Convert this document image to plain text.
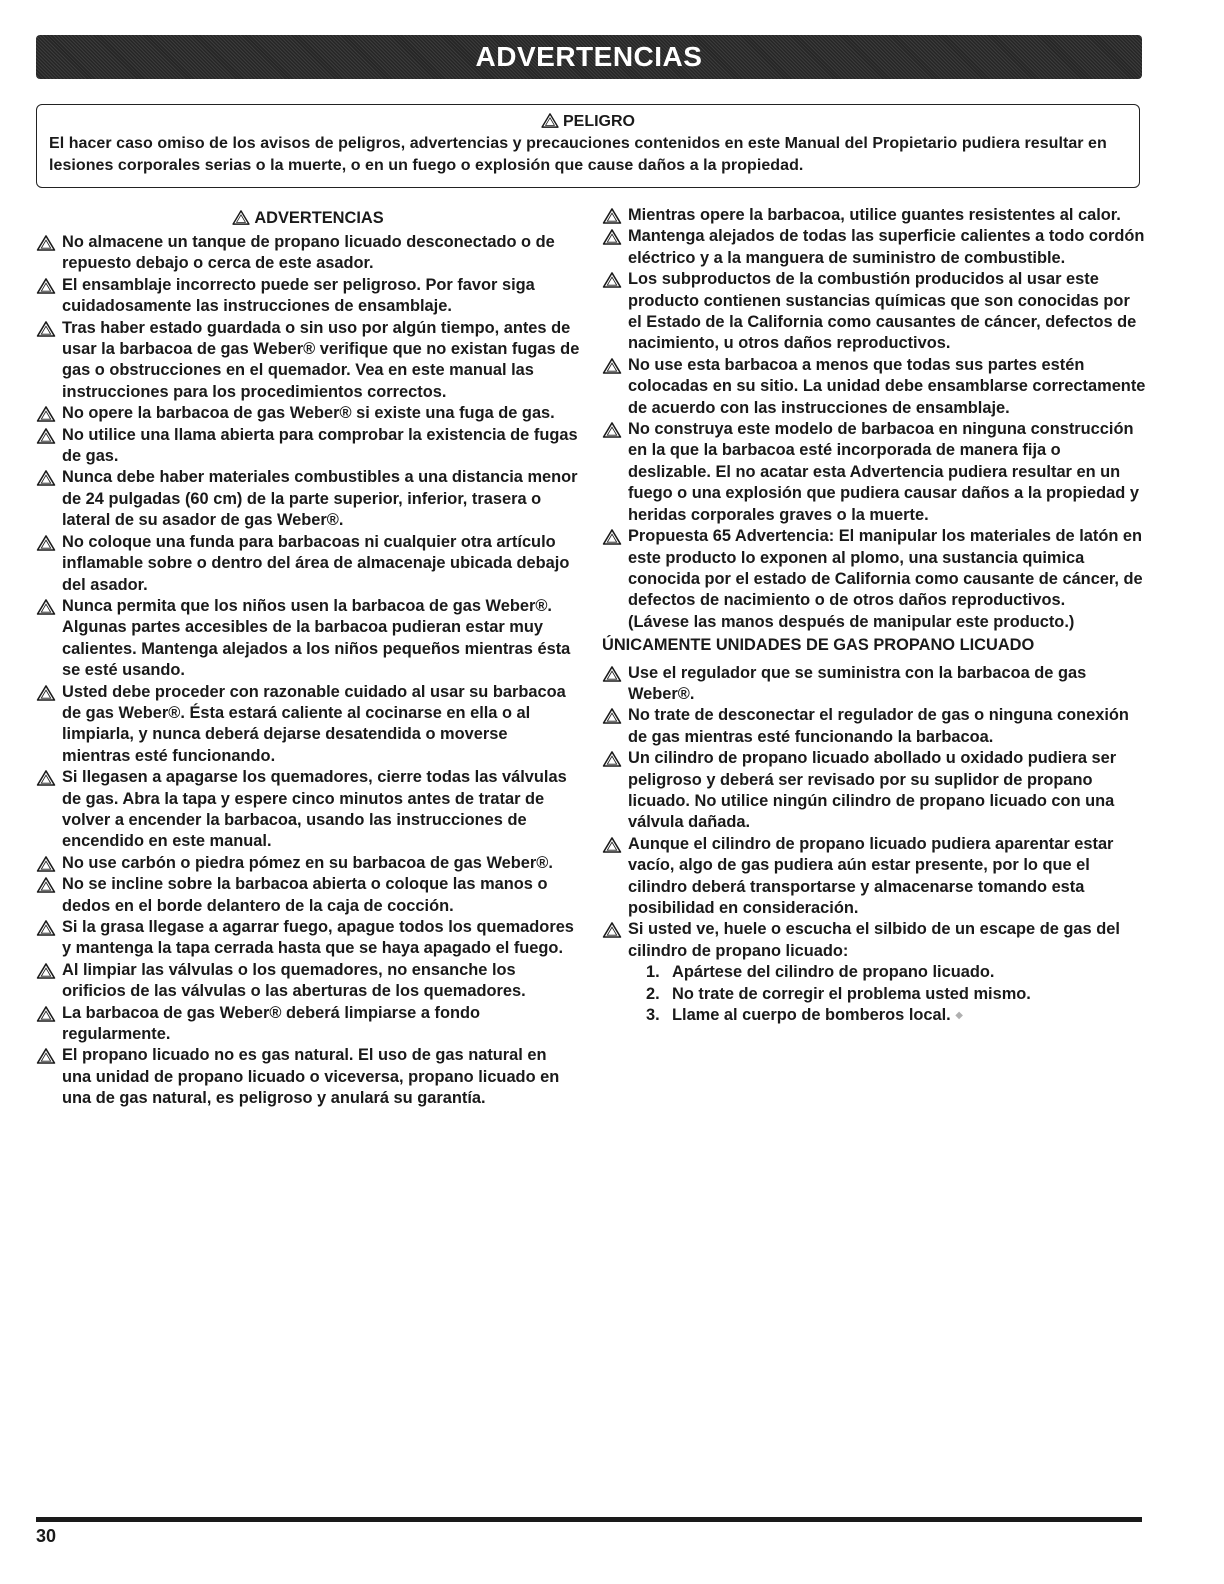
ADVERTENCIAS
PELIGRO
El hacer caso omiso de los avisos de peligros, advertencias y precauciones contenidos en este Manual del Propietario pudiera resultar en lesiones corporales serias o la muerte, o en un fuego o explosión que cause daños a la propiedad.
ADVERTENCIAS
No almacene un tanque de propano licuado desconectado o de repuesto debajo o cerca de este asador.
El ensamblaje incorrecto puede ser peligroso. Por favor siga cuidadosamente las instrucciones de ensamblaje.
Tras haber estado guardada o sin uso por algún tiempo, antes de usar la barbacoa de gas Weber® verifique que no existan fugas de gas o obstrucciones en el quemador. Vea en este manual las instrucciones para los procedimientos correctos.
No opere la barbacoa de gas Weber® si existe una fuga de gas.
No utilice una llama abierta para comprobar la existencia de fugas de gas.
Nunca debe haber materiales combustibles a una distancia menor de 24 pulgadas (60 cm) de la parte superior, inferior, trasera o lateral de su asador de gas Weber®.
No coloque una funda para barbacoas ni cualquier otra artículo inflamable sobre o dentro del área de almacenaje ubicada debajo del asador.
Nunca permita que los niños usen la barbacoa de gas Weber®. Algunas partes accesibles de la barbacoa pudieran estar muy calientes. Mantenga alejados a los niños pequeños mientras ésta se esté usando.
Usted debe proceder con razonable cuidado al usar su barbacoa de gas Weber®. Ésta estará caliente al cocinarse en ella o al limpiarla, y nunca deberá dejarse desatendida o moverse mientras esté funcionando.
Si llegasen a apagarse los quemadores, cierre todas las válvulas de gas. Abra la tapa y espere cinco minutos antes de tratar de volver a encender la barbacoa, usando las instrucciones de encendido en este manual.
No use carbón o piedra pómez en su barbacoa de gas Weber®.
No se incline sobre la barbacoa abierta o coloque las manos o dedos en el borde delantero de la caja de cocción.
Si la grasa llegase a agarrar fuego, apague todos los quemadores y mantenga la tapa cerrada hasta que se haya apagado el fuego.
Al limpiar las válvulas o los quemadores, no ensanche los orificios de las válvulas o las aberturas de los quemadores.
La barbacoa de gas Weber® deberá limpiarse a fondo regularmente.
El propano licuado no es gas natural. El uso de gas natural en una unidad de propano licuado o viceversa, propano licuado en una de gas natural, es peligroso y anulará su garantía.
Mientras opere la barbacoa, utilice guantes resistentes al calor.
Mantenga alejados de todas las superficie calientes a todo cordón eléctrico y a la manguera de suministro de combustible.
Los subproductos de la combustión producidos al usar este producto contienen sustancias químicas que son conocidas por el Estado de la California como causantes de cáncer, defectos de nacimiento, u otros daños reproductivos.
No use esta barbacoa a menos que todas sus partes estén colocadas en su sitio. La unidad debe ensamblarse correctamente de acuerdo con las instrucciones de ensamblaje.
No construya este modelo de barbacoa en ninguna construcción en la que la barbacoa esté incorporada de manera fija o deslizable. El no acatar esta Advertencia pudiera resultar en un fuego o una explosión que pudiera causar daños a la propiedad y heridas corporales graves o la muerte.
Propuesta 65 Advertencia: El manipular los materiales de latón en este producto lo exponen al plomo, una sustancia quimica conocida por el estado de California como causante de cáncer, de defectos de nacimiento o de otros daños reproductivos.
(Lávese las manos después de manipular este producto.)
ÚNICAMENTE UNIDADES DE GAS PROPANO LICUADO
Use el regulador que se suministra con la barbacoa de gas Weber®.
No trate de desconectar el regulador de gas o ninguna conexión de gas mientras esté funcionando la barbacoa.
Un cilindro de propano licuado abollado u oxidado pudiera ser peligroso y deberá ser revisado por su suplidor de propano licuado. No utilice ningún cilindro de propano licuado con una válvula dañada.
Aunque el cilindro de propano licuado pudiera aparentar estar vacío, algo de gas pudiera aún estar presente, por lo que el cilindro deberá transportarse y almacenarse tomando esta posibilidad en consideración.
Si usted ve, huele o escucha el silbido de un escape de gas del cilindro de propano licuado:
1. Apártese del cilindro de propano licuado.
2. No trate de corregir el problema usted mismo.
3. Llame al cuerpo de bomberos local. ◆
30
